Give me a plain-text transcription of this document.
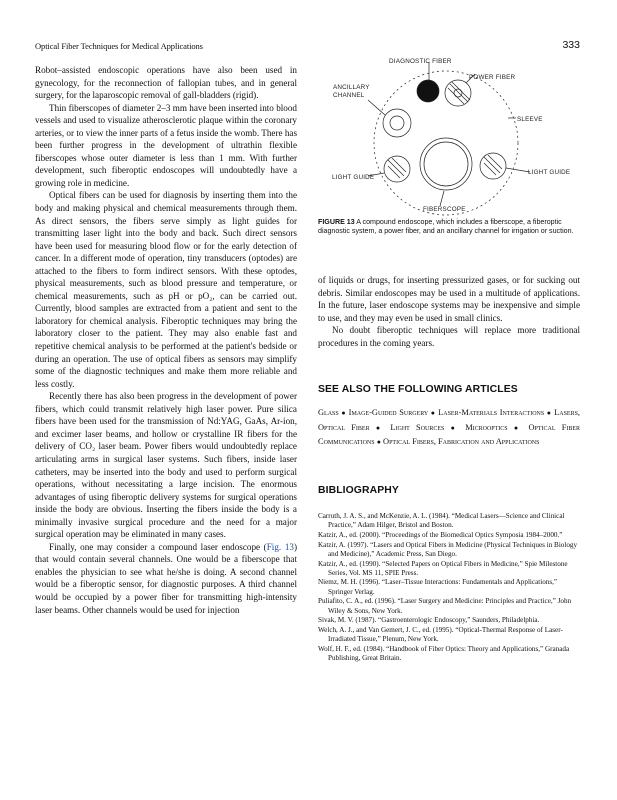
Optical Fiber Techniques for Medical Applications	333

Robot–assisted endoscopic operations have also been used in gynecology, for the reconnection of fallopian tubes, and in general surgery, for the laparoscopic removal of gall-bladders (rigid).

Thin fiberscopes of diameter 2–3 mm have been inserted into blood vessels and used to visualize atherosclerotic plaque within the coronary arteries, or to view the inner parts of a fetus inside the womb. There has been further progress in the development of ultrathin flexible fiberscopes whose outer diameter is less than 1 mm. With further development, such fiberoptic endoscopes will undoubtedly have a growing role in medicine.

Optical fibers can be used for diagnosis by inserting them into the body and making physical and chemical measurements through them. As direct sensors, the fibers serve simply as light guides for transmitting laser light into the body and back. Such direct sensors have been used for measuring blood flow or for the early detection of cancer. In a different mode of operation, tiny transducers (optodes) are attached to the fibers to form indirect sensors. With these optodes, physical measurements, such as blood pressure and temperature, or chemical measurements, such as pH or pO₂, can be carried out. Currently, blood samples are extracted from a patient and sent to the laboratory for chemical analysis. Fiberoptic techniques may bring the laboratory closer to the patient. They may also enable fast and repetitive chemical analysis to be performed at the patient's bedside or during an operation. The use of optical fibers as sensors may simplify some of the diagnostic techniques and make them more reliable and less costly.

Recently there has also been progress in the development of power fibers, which could transmit relatively high laser power. Pure silica fibers have been used for the transmission of Nd:YAG, GaAs, Ar-ion, and excimer laser beams, and hollow or crystalline IR fibers for the delivery of CO₂ laser beam. Power fibers would undoubtedly replace articulating arms in surgical laser systems. Such fibers, inside laser catheters, may be inserted into the body and used to perform surgical operations, without necessitating a large incision. The enormous advantages of using fiberoptic delivery systems for surgical operations inside the body are obvious. Inserting the fibers inside the body is a minimally invasive surgical procedure and the need for a major surgical operation may be eliminated in many cases.

Finally, one may consider a compound laser endoscope (Fig. 13) that would contain several channels. One would be a fiberscope that enables the physician to see what he/she is doing. A second channel would be a fiberoptic sensor, for diagnostic purposes. A third channel would be occupied by a power fiber for transmitting high-intensity laser beams. Other channels would be used for injection

DIAGNOSTIC FIBER
POWER FIBER
ANCILLARY
CHANNEL
SLEEVE
LIGHT GUIDE
LIGHT GUIDE
FIBERSCOPE
FIGURE 13 A compound endoscope, which includes a fiberscope, a fiberoptic diagnostic system, a power fiber, and an ancillary channel for irrigation or suction.

of liquids or drugs, for inserting pressurized gases, or for sucking out debris. Similar endoscopes may be used in a multitude of applications. In the future, laser endoscope systems may be inexpensive and simple to use, and they may even be used in small clinics.

No doubt fiberoptic techniques will replace more traditional procedures in the coming years.

SEE ALSO THE FOLLOWING ARTICLES
Glass ● Image-Guided Surgery ● Laser-Materials Interactions ● Lasers, Optical Fiber ● Light Sources ● Microoptics ● Optical Fiber Communications ● Optical Fibers, Fabrication and Applications
BIBLIOGRAPHY

Carruth, J. A. S., and McKenzie, A. L. (1984). “Medical Lasers—Science and Clinical Practice,” Adam Hilger, Bristol and Boston.

Katzir, A., ed. (2000). “Proceedings of the Biomedical Optics Symposia 1984–2000.”

Katzir, A. (1997). “Lasers and Optical Fibers in Medicine (Physical Techniques in Biology and Medicine),” Academic Press, San Diego.

Katzir, A., ed. (1990). “Selected Papers on Optical Fibers in Medicine,” Spie Milestone Series, Vol. MS 11, SPIE Press.

Niemz, M. H. (1996). “Laser–Tissue Interactions: Fundamentals and Applications,” Springer Verlag.

Puliafito, C. A., ed. (1996). “Laser Surgery and Medicine: Principles and Practice,” John Wiley & Sons, New York.

Sivak, M. V. (1987). “Gastroenterologic Endoscopy,” Saunders, Philadelphia.

Welch, A. J., and Van Gemert, J. C., ed. (1995). “Optical-Thermal Response of Laser-Irradiated Tissue,” Plenum, New York.

Wolf, H. F., ed. (1984). “Handbook of Fiber Optics: Theory and Applications,” Granada Publishing, Great Britain.
